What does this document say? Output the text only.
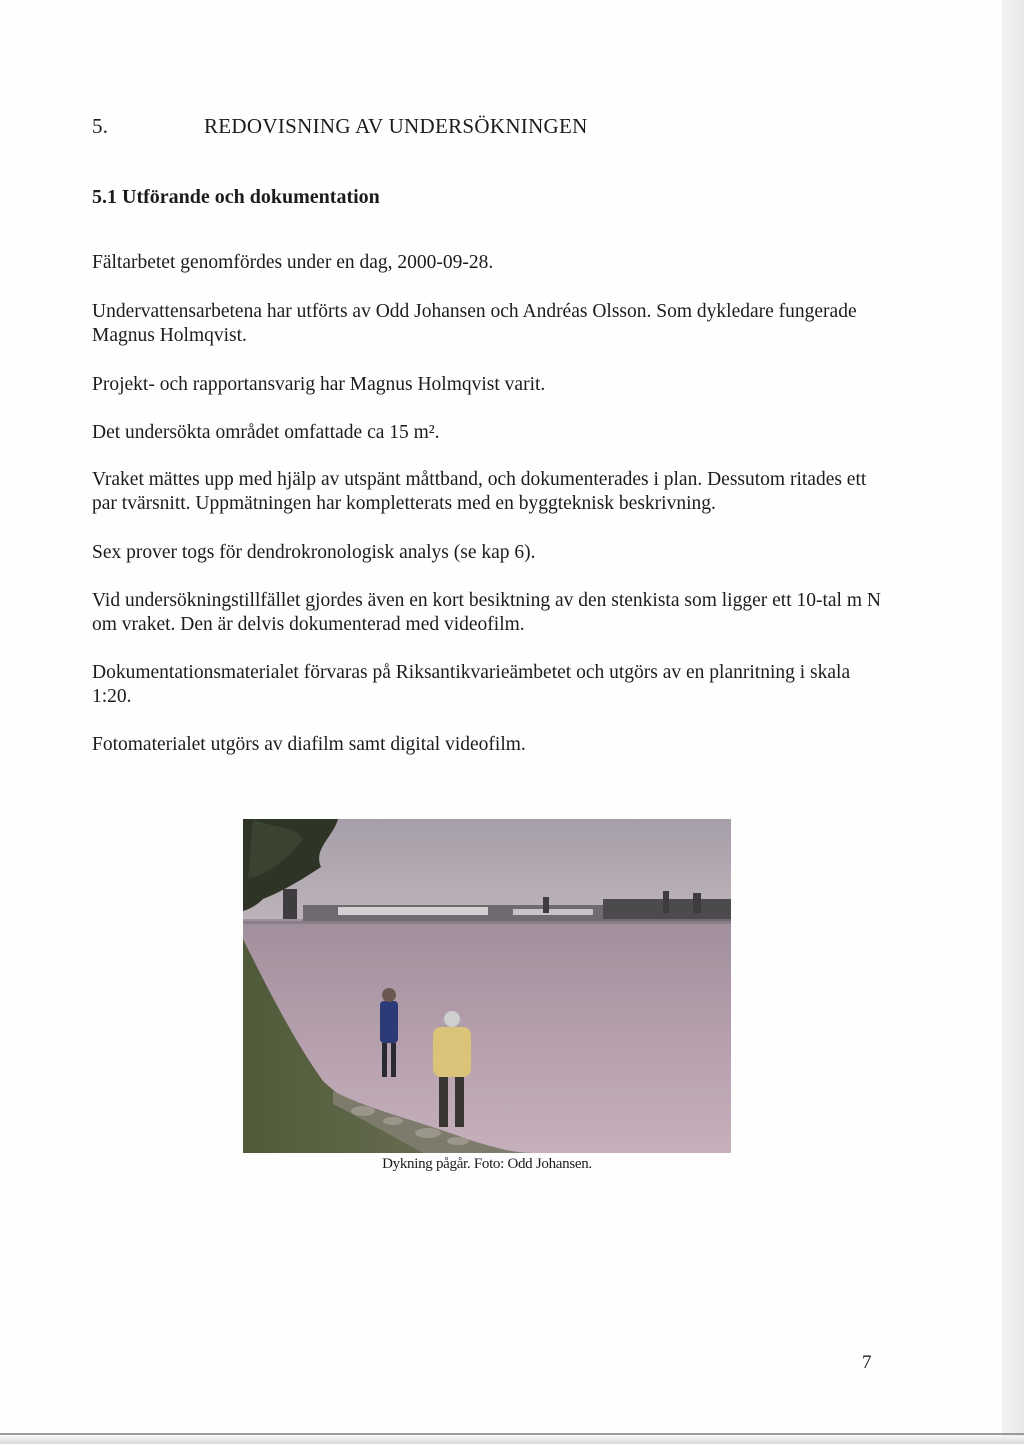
5.	REDOVISNING AV UNDERSÖKNINGEN
5.1 Utförande och dokumentation

Fältarbetet genomfördes under en dag, 2000-09-28.

Undervattensarbetena har utförts av Odd Johansen och Andréas Olsson. Som dykledare fungerade Magnus Holmqvist.

Projekt- och rapportansvarig har Magnus Holmqvist varit.

Det undersökta området omfattade ca 15 m².

Vraket mättes upp med hjälp av utspänt måttband, och dokumenterades i plan. Dessutom ritades ett par tvärsnitt. Uppmätningen har kompletterats med en byggteknisk beskrivning.

Sex prover togs för dendrokronologisk analys (se kap 6).

Vid undersökningstillfället gjordes även en kort besiktning av den stenkista som ligger ett 10-tal m N om vraket. Den är delvis dokumenterad med videofilm.

Dokumentationsmaterialet förvaras på Riksantikvarieämbetet och utgörs av en planritning i skala 1:20.

Fotomaterialet utgörs av diafilm samt digital videofilm.

Dykning pågår. Foto: Odd Johansen.

7
